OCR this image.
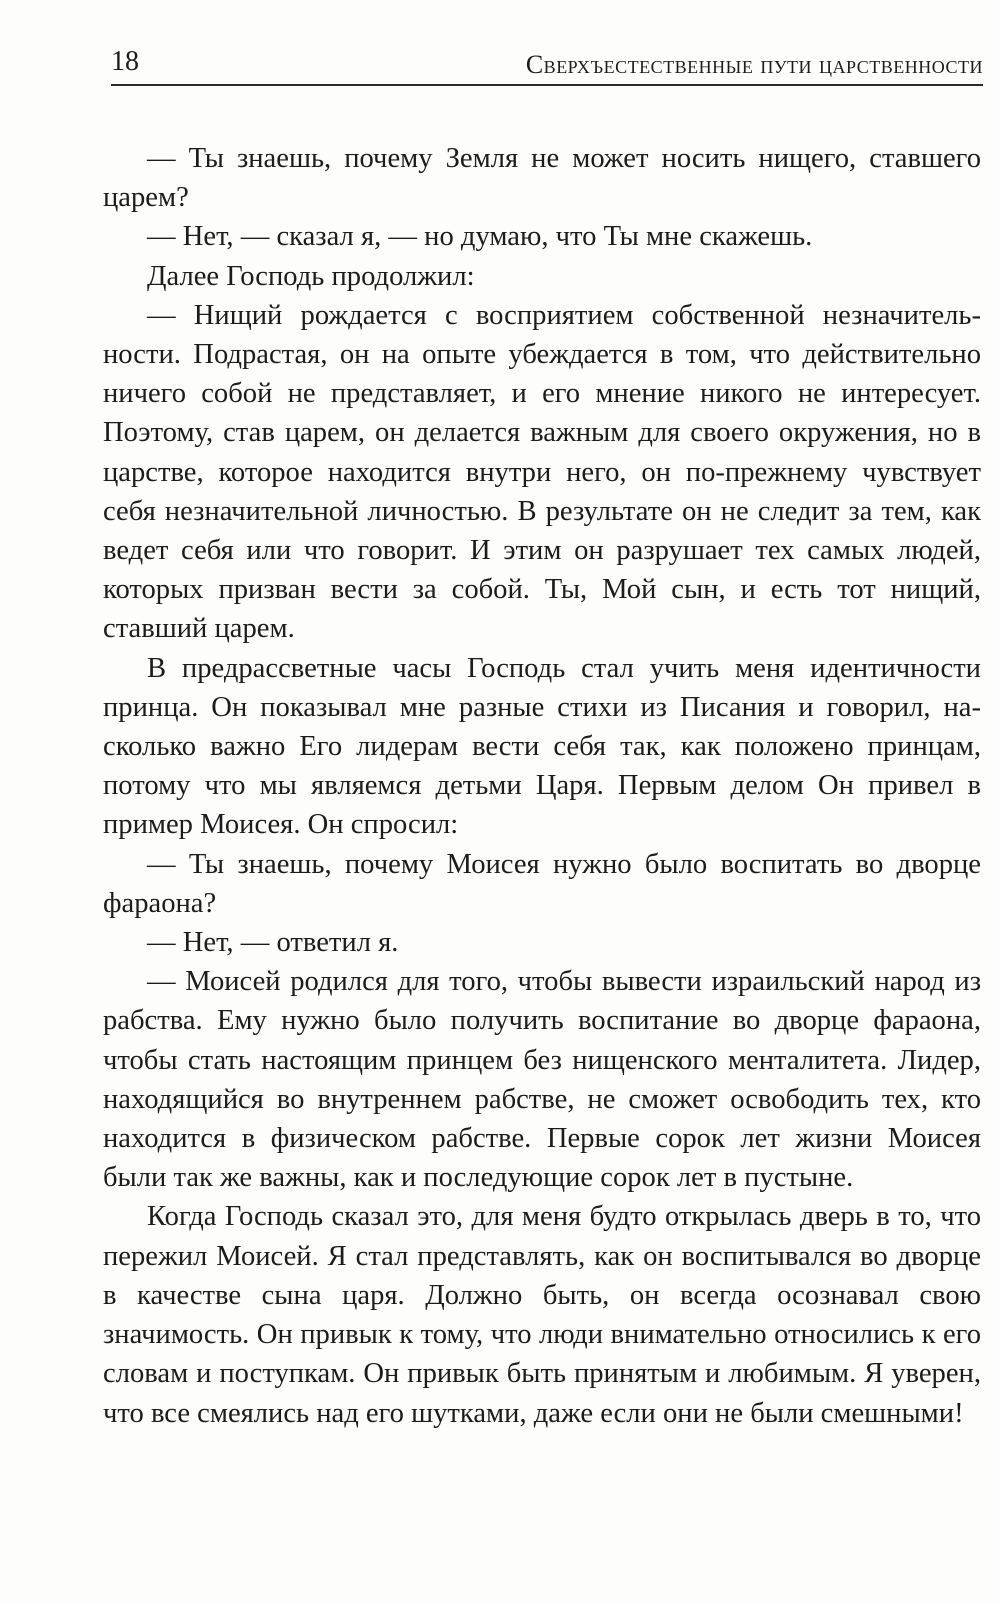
18	Сверхъестественные пути царственности

— Ты знаешь, почему Земля не может носить нищего, ставшего царем?

— Нет, — сказал я, — но думаю, что Ты мне скажешь.

Далее Господь продолжил:

— Нищий рождается с восприятием собственной незначительности. Подрастая, он на опыте убеждается в том, что действительно ничего собой не представляет, и его мнение никого не интересует. Поэтому, став царем, он делается важным для своего окружения, но в царстве, которое находится внутри него, он по-прежнему чувствует себя незначительной личностью. В результате он не следит за тем, как ведет себя или что говорит. И этим он разрушает тех самых людей, которых призван вести за собой. Ты, Мой сын, и есть тот нищий, ставший царем.

В предрассветные часы Господь стал учить меня идентичности принца. Он показывал мне разные стихи из Писания и говорил, насколько важно Его лидерам вести себя так, как положено принцам, потому что мы являемся детьми Царя. Первым делом Он привел в пример Моисея. Он спросил:

— Ты знаешь, почему Моисея нужно было воспитать во дворце фараона?

— Нет, — ответил я.

— Моисей родился для того, чтобы вывести израильский народ из рабства. Ему нужно было получить воспитание во дворце фараона, чтобы стать настоящим принцем без нищенского менталитета. Лидер, находящийся во внутреннем рабстве, не сможет освободить тех, кто находится в физическом рабстве. Первые сорок лет жизни Моисея были так же важны, как и последующие сорок лет в пустыне.

Когда Господь сказал это, для меня будто открылась дверь в то, что пережил Моисей. Я стал представлять, как он воспитывался во дворце в качестве сына царя. Должно быть, он всегда осознавал свою значимость. Он привык к тому, что люди внимательно относились к его словам и поступкам. Он привык быть принятым и любимым. Я уверен, что все смеялись над его шутками, даже если они не были смешными!
